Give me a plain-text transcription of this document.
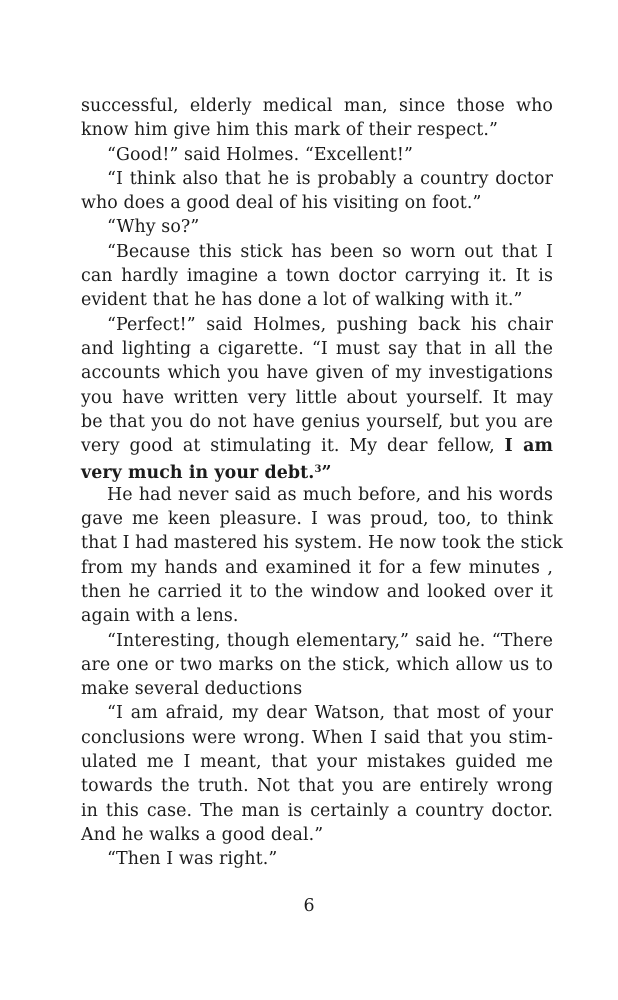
successful, elderly medical man, since those who
know him give him this mark of their respect.”
“Good!” said Holmes. “Excellent!”
“I think also that he is probably a country doctor
who does a good deal of his visiting on foot.”
“Why so?”
“Because this stick has been so worn out that I
can hardly imagine a town doctor carrying it. It is
evident that he has done a lot of walking with it.”
“Perfect!” said Holmes, pushing back his chair
and lighting a cigarette. “I must say that in all the
accounts which you have given of my investigations
you have written very little about yourself. It may
be that you do not have genius yourself, but you are
very good at stimulating it. My dear fellow, I am
very much in your debt.$^3$”
He had never said as much before, and his words
gave me keen pleasure. I was proud, too, to think
that I had mastered his system. He now took the stick
from my hands and examined it for a few minutes ,
then he carried it to the window and looked over it
again with a lens.
“Interesting, though elementary,” said he. “There
are one or two marks on the stick, which allow us to
make several deductions
“I am afraid, my dear Watson, that most of your
conclusions were wrong. When I said that you stim-
ulated me I meant, that your mistakes guided me
towards the truth. Not that you are entirely wrong
in this case. The man is certainly a country doctor.
And he walks a good deal.”
“Then I was right.”
6
